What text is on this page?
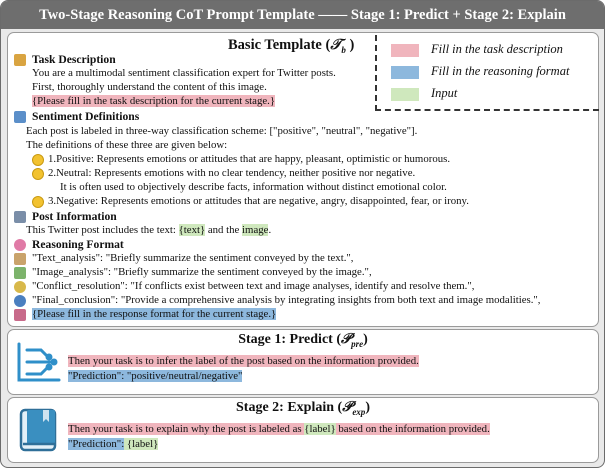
Two-Stage Reasoning CoT Prompt Template —— Stage 1: Predict + Stage 2: Explain
Basic Template (𝒯$_b$ )	Fill in the task description
Fill in the reasoning format
Input
Task Description
You are a multimodal sentiment classification expert for Twitter posts.
First, thoroughly understand the content of this image.
{Please fill in the task description for the current stage.}
Sentiment Definitions
Each post is labeled in three-way classification scheme: ["positive", "neutral", "negative"].
The definitions of these three are given below:
1.Positive: Represents emotions or attitudes that are happy, pleasant, optimistic or humorous.
2.Neutral: Represents emotions with no clear tendency, neither positive nor negative.
It is often used to objectively describe facts, information without distinct emotional color.
3.Negative: Represents emotions or attitudes that are negative, angry, disappointed, fear, or irony.
Post Information
This Twitter post includes the text: {text} and the image.
Reasoning Format
"Text_analysis": "Briefly summarize the sentiment conveyed by the text.",
"Image_analysis": "Briefly summarize the sentiment conveyed by the image.",
"Conflict_resolution": "If conflicts exist between text and image analyses, identify and resolve them.",
"Final_conclusion": "Provide a comprehensive analysis by integrating insights from both text and image modalities.",
{Please fill in the response format for the current stage.}
Stage 1: Predict (𝒫$_{pre}$)
Then your task is to infer the label of the post based on the information provided.
"Prediction": "positive/neutral/negative"
Stage 2: Explain (𝒫$_{exp}$)
Then your task is to explain why the post is labeled as {label} based on the information provided.
"Prediction": {label}
